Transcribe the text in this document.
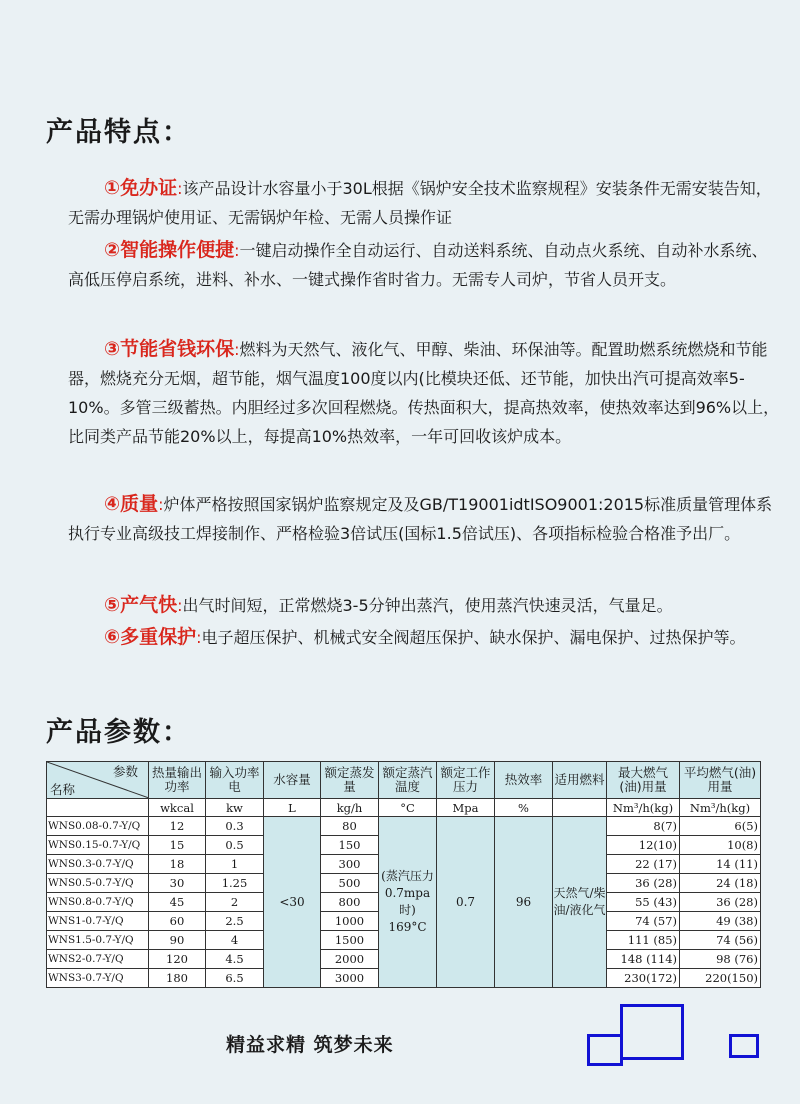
产品特点：
①免办证:该产品设计水容量小于30L根据《锅炉安全技术监察规程》安装条件无需安装告知，无需办理锅炉使用证、无需锅炉年检、无需人员操作证
②智能操作便捷:一键启动操作全自动运行、自动送料系统、自动点火系统、自动补水系统、高低压停启系统，进料、补水、一键式操作省时省力。无需专人司炉，节省人员开支。
③节能省钱环保:燃料为天然气、液化气、甲醇、柴油、环保油等。配置助燃系统燃烧和节能器，燃烧充分无烟，超节能，烟气温度100度以内(比模块还低、还节能，加快出汽可提高效率5-10%。多管三级蓄热。内胆经过多次回程燃烧。传热面积大，提高热效率，使热效率达到96%以上，比同类产品节能20%以上，每提高10%热效率，一年可回收该炉成本。
④质量:炉体严格按照国家锅炉监察规定及及GB/T19001idtISO9001:2015标准质量管理体系执行专业高级技工焊接制作、严格检验3倍试压(国标1.5倍试压)、各项指标检验合格准予出厂。
⑤产气快:出气时间短，正常燃烧3-5分钟出蒸汽，使用蒸汽快速灵活，气量足。
⑥多重保护:电子超压保护、机械式安全阀超压保护、缺水保护、漏电保护、过热保护等。
产品参数：
参数
名称	热量输出功率	输入功率电	水容量	额定蒸发量	额定蒸汽温度	额定工作压力	热效率	适用燃料	最大燃气(油)用量	平均燃气(油)用量
	wkcal	kw	L	kg/h	°C	Mpa	%		Nm³/h(kg)	Nm³/h(kg)
WNS0.08-0.7-Y/Q	12	0.3	<30	80	(蒸汽压力0.7mpa时) 169°C	0.7	96	天然气/柴油/液化气	8(7)	6(5)
WNS0.15-0.7-Y/Q	15	0.5		150					12(10)	10(8)
WNS0.3-0.7-Y/Q	18	1		300					22 (17)	14 (11)
WNS0.5-0.7-Y/Q	30	1.25		500					36 (28)	24 (18)
WNS0.8-0.7-Y/Q	45	2		800					55 (43)	36 (28)
WNS1-0.7-Y/Q	60	2.5		1000					74 (57)	49 (38)
WNS1.5-0.7-Y/Q	90	4		1500					111 (85)	74 (56)
WNS2-0.7-Y/Q	120	4.5		2000					148 (114)	98 (76)
WNS3-0.7-Y/Q	180	6.5		3000					230(172)	220(150)
精益求精 筑梦未来
